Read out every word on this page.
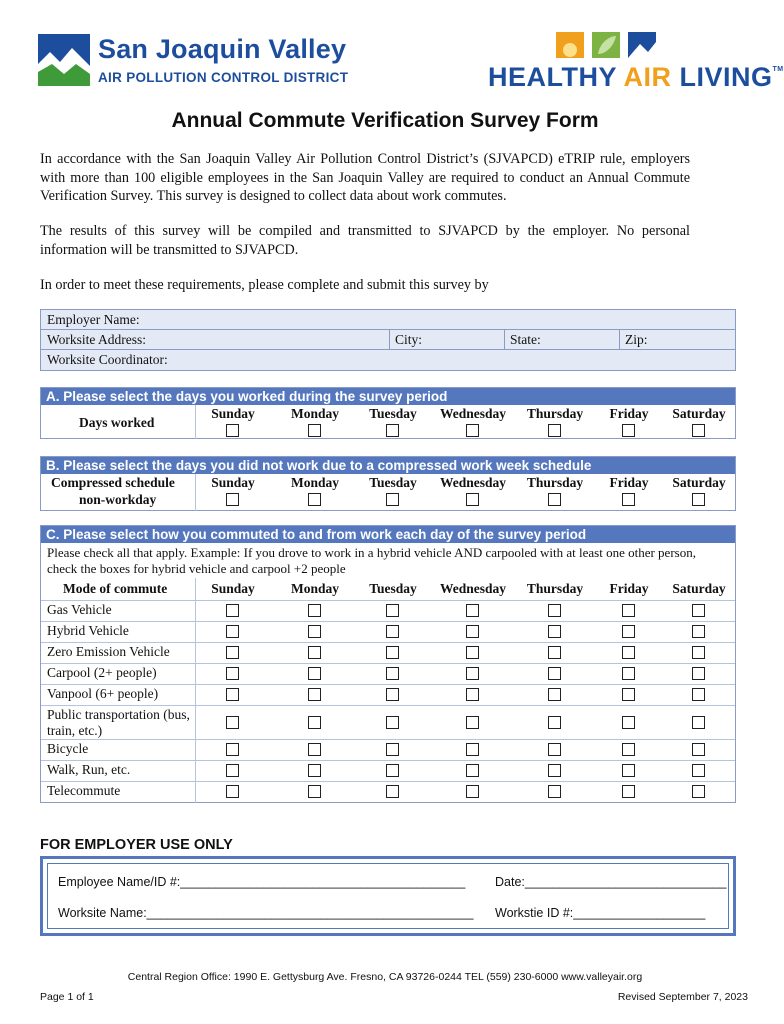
San Joaquin Valley
AIR POLLUTION CONTROL DISTRICT	HEALTHY AIR LIVING™
Annual Commute Verification Survey Form
In accordance with the San Joaquin Valley Air Pollution Control District’s (SJVAPCD) eTRIP rule, employers with more than 100 eligible employees in the San Joaquin Valley are required to conduct an Annual Commute Verification Survey. This survey is designed to collect data about work commutes.
The results of this survey will be compiled and transmitted to SJVAPCD by the employer. No personal information will be transmitted to SJVAPCD.
In order to meet these requirements, please complete and submit this survey by
Employer Name:
Worksite Address:	City:	State:	Zip:
Worksite Coordinator:
A. Please select the days you worked during the survey period
Days worked
Sunday	Monday	Tuesday	Wednesday	Thursday	Friday	Saturday
B. Please select the days you did not work due to a compressed work week schedule
Compressed schedule
non-workday
Sunday	Monday	Tuesday	Wednesday	Thursday	Friday	Saturday
C. Please select how you commuted to and from work each day of the survey period
Please check all that apply. Example: If you drove to work in a hybrid vehicle AND carpooled with at least one other person, check the boxes for hybrid vehicle and carpool +2 people
Mode of commute	Sunday	Monday	Tuesday	Wednesday	Thursday	Friday	Saturday
Gas Vehicle
Hybrid Vehicle
Zero Emission Vehicle
Carpool (2+ people)
Vanpool (6+ people)
Public transportation (bus, train, etc.)
Bicycle
Walk, Run, etc.
Telecommute
FOR EMPLOYER USE ONLY
Employee Name/ID #:_________________________________________ Date:_____________________________
Worksite Name:_______________________________________________ Workstie ID #:___________________
Central Region Office: 1990 E. Gettysburg Ave. Fresno, CA 93726-0244 TEL (559) 230-6000 www.valleyair.org
Page 1 of 1	Revised September 7, 2023
